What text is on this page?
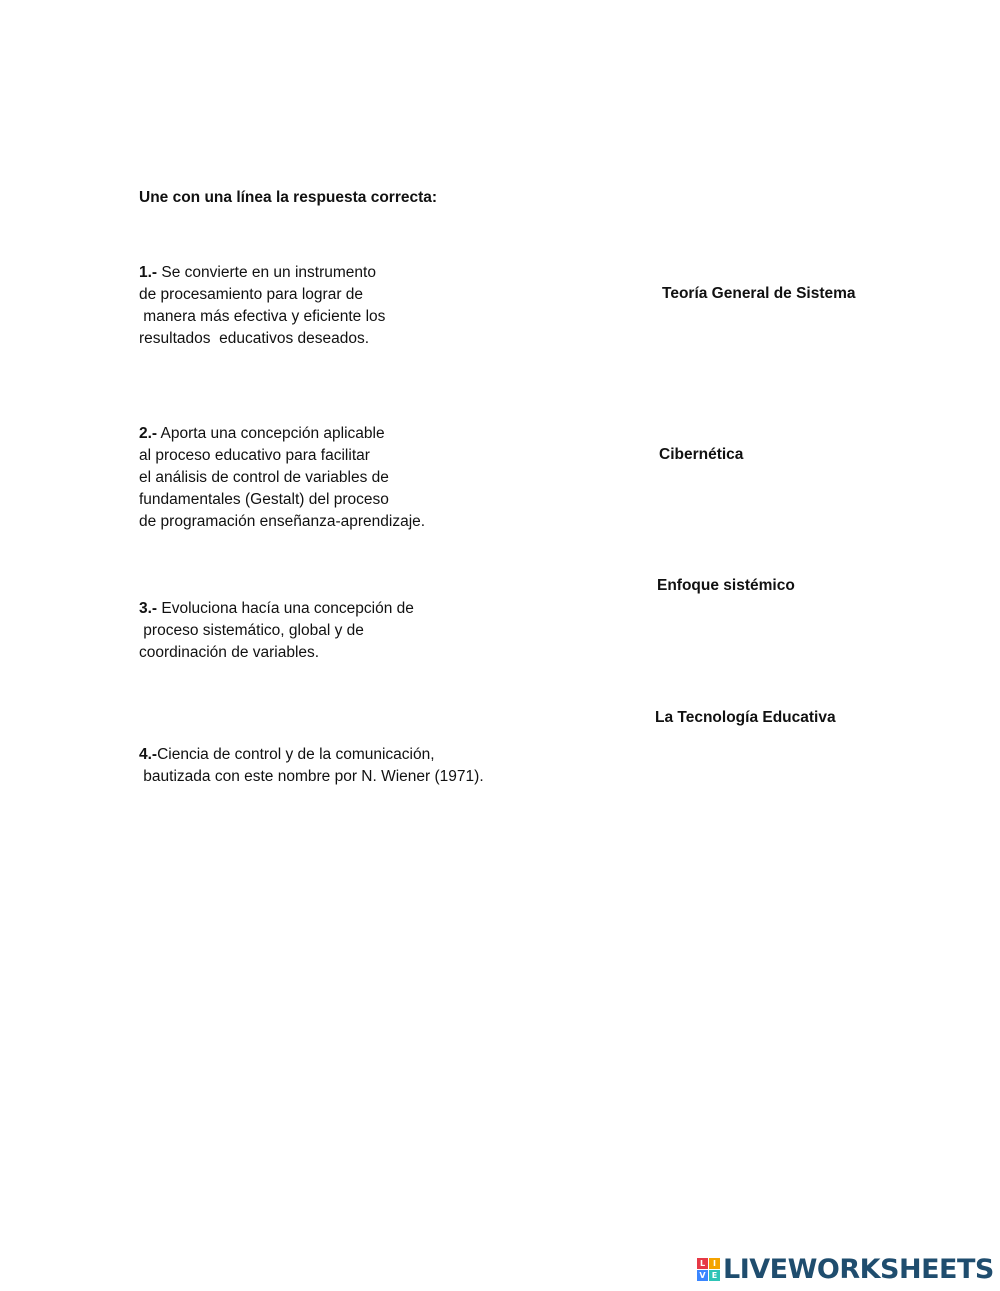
Une con una línea la respuesta correcta:
1.- Se convierte en un instrumento
de procesamiento para lograr de
manera más efectiva y eficiente los
resultados  educativos deseados.
2.- Aporta una concepción aplicable
al proceso educativo para facilitar
el análisis de control de variables de
fundamentales (Gestalt) del proceso
de programación enseñanza-aprendizaje.
3.- Evoluciona hacía una concepción de
proceso sistemático, global y de
coordinación de variables.
4.-Ciencia de control y de la comunicación,
bautizada con este nombre por N. Wiener (1971).
Teoría General de Sistema
Cibernética
Enfoque sistémico
La Tecnología Educativa
L I
V E LIVEWORKSHEETS
